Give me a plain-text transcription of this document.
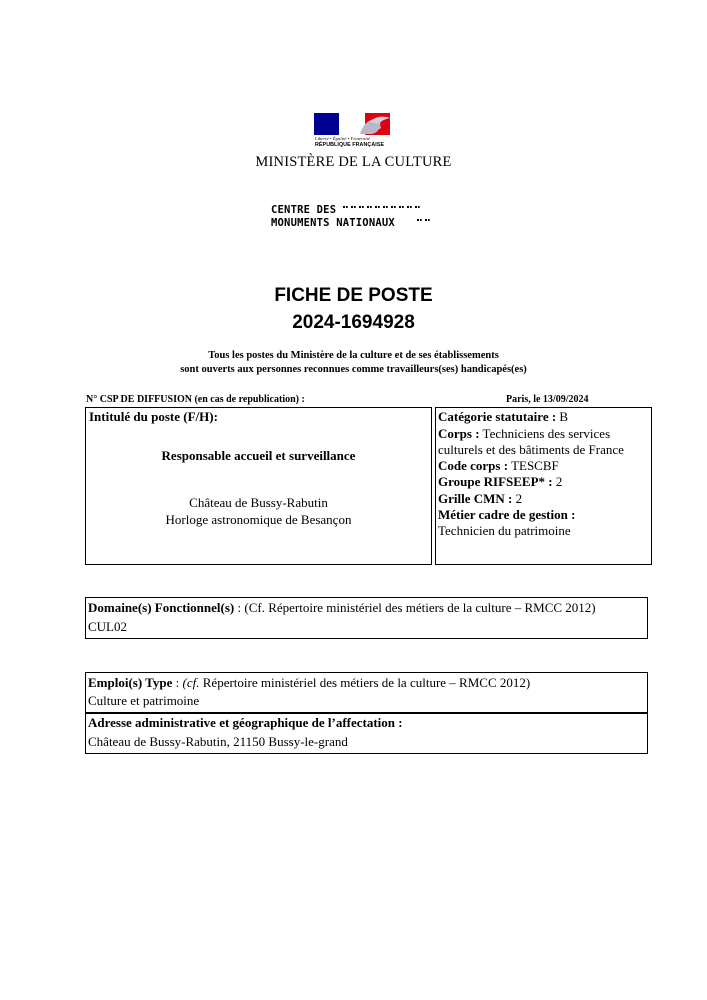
Liberté • Égalité • Fraternité
RÉPUBLIQUE FRANÇAISE
MINISTÈRE DE LA CULTURE
CENTRE DES
MONUMENTS NATIONAUX
FICHE DE POSTE
2024-1694928
Tous les postes du Ministère de la culture et de ses établissements
sont ouverts aux personnes reconnues comme travailleurs(ses) handicapés(es)
N° CSP DE DIFFUSION (en cas de republication) :	Paris, le 13/09/2024
Intitulé du poste (F/H):
Responsable accueil et surveillance
Château de Bussy-Rabutin
Horloge astronomique de Besançon
Catégorie statutaire : B
Corps : Techniciens des services
culturels et des bâtiments de France
Code corps : TESCBF
Groupe RIFSEEP* : 2
Grille CMN : 2
Métier cadre de gestion :
Technicien du patrimoine
Domaine(s) Fonctionnel(s) : (Cf. Répertoire ministériel des métiers de la culture – RMCC 2012)
CUL02
Emploi(s) Type : (cf. Répertoire ministériel des métiers de la culture – RMCC 2012)
Culture et patrimoine
Adresse administrative et géographique de l’affectation :
Château de Bussy-Rabutin, 21150 Bussy-le-grand
